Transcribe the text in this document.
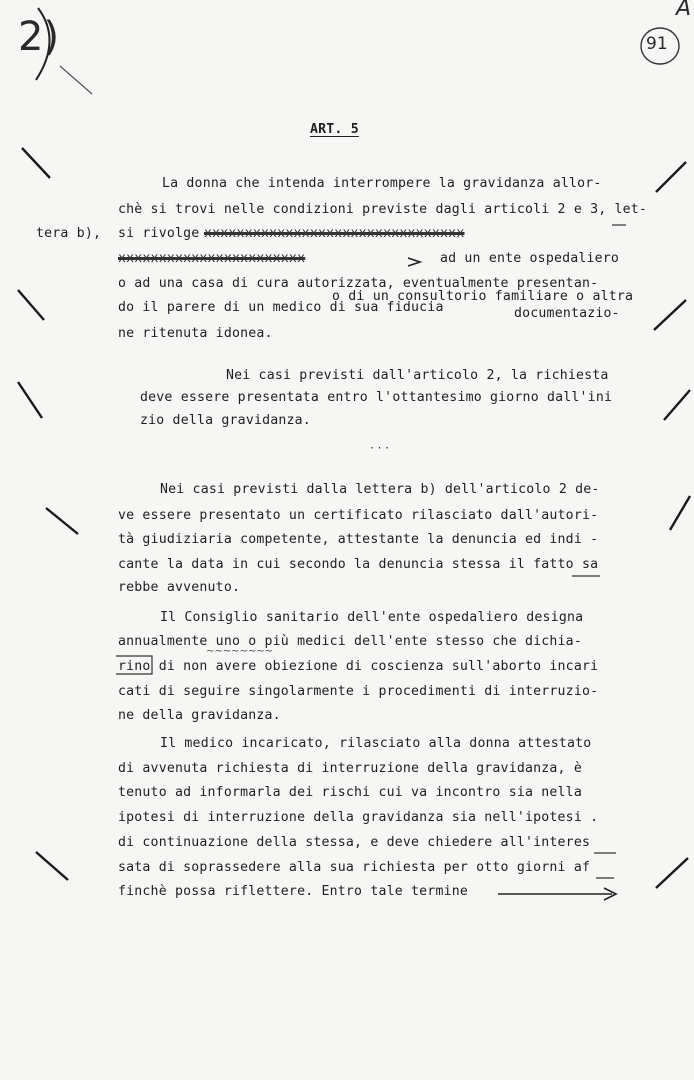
· · ·
2)
A
91
ART. 5
La donna che intenda interrompere la gravidanza allor-
chè si trovi nelle condizioni previste dagli articoli 2 e 3, let-
tera b), si rivolge xxxxxxxxxxxxxxxxxxxxxxxxxxxxxxxx
xxxxxxxxxxxxxxxxxxxxxxx	ad un ente ospedaliero
o ad una casa di cura autorizzata, eventualmente presentan-
o di un consultorio familiare o altra
do il parere di un medico di sua fiducia	documentazio-
ne ritenuta idonea.
Nei casi previsti dall'articolo 2, la richiesta
deve essere presentata entro l'ottantesimo giorno dall'ini
zio della gravidanza.
Nei casi previsti dalla lettera b) dell'articolo 2 de-
ve essere presentato un certificato rilasciato dall'autori-
tà giudiziaria competente, attestante la denuncia ed indi -
cante la data in cui secondo la denuncia stessa il fatto sa
rebbe avvenuto.
Il Consiglio sanitario dell'ente ospedaliero designa
annualmente uno o più medici dell'ente stesso che dichia-
~~~~~~~~
rino di non avere obiezione di coscienza sull'aborto incari
cati di seguire singolarmente i procedimenti di interruzio-
ne della gravidanza.
Il medico incaricato, rilasciato alla donna attestato
di avvenuta richiesta di interruzione della gravidanza, è
tenuto ad informarla dei rischi cui va incontro sia nella
ipotesi di interruzione della gravidanza sia nell'ipotesi .
di continuazione della stessa, e deve chiedere all'interes
sata di soprassedere alla sua richiesta per otto giorni af
finchè possa riflettere. Entro tale termine
